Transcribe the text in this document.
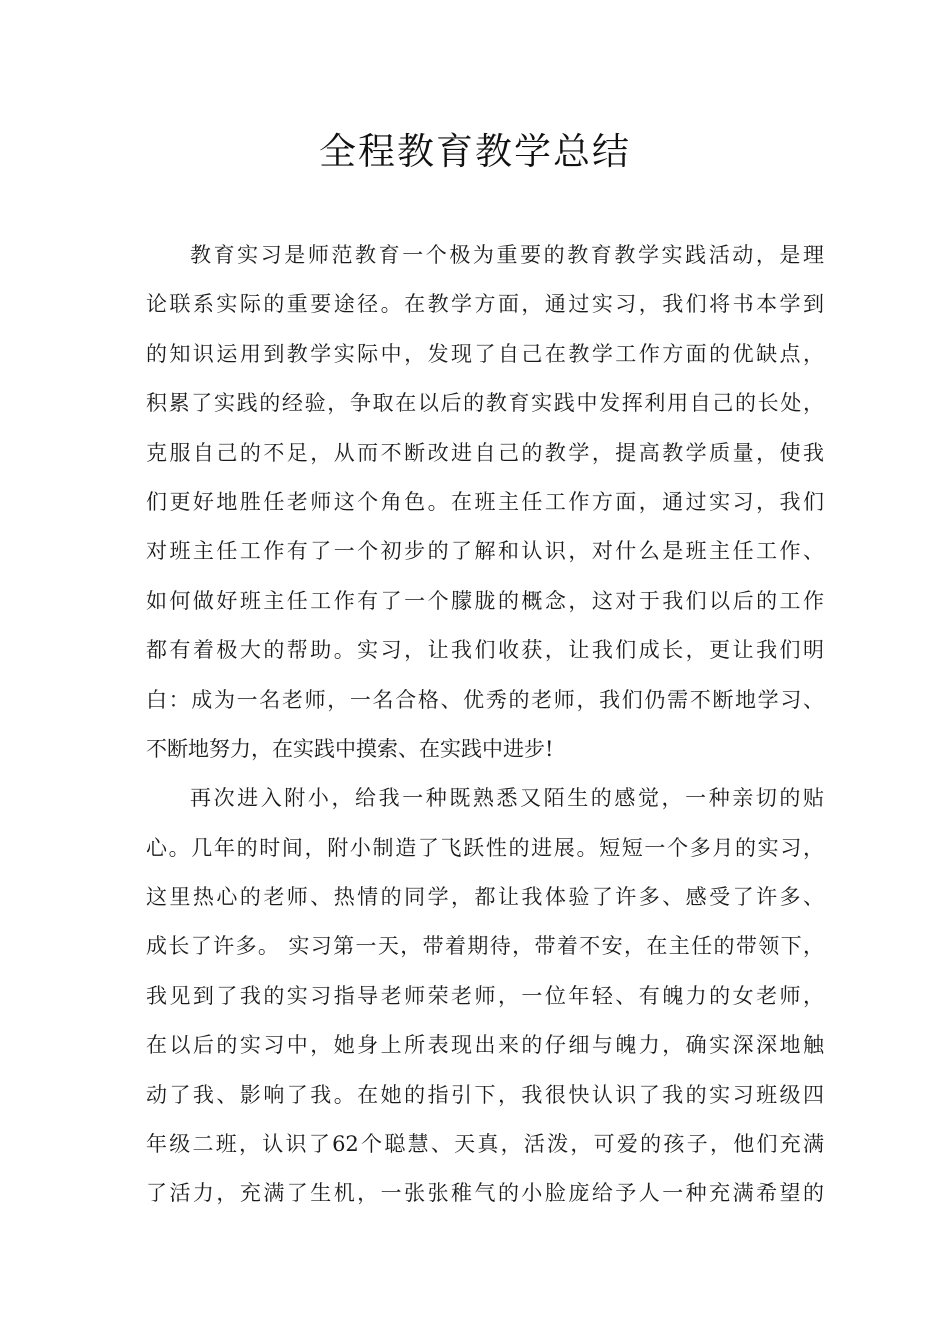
全程教育教学总结
教育实习是师范教育一个极为重要的教育教学实践活动，是理
论联系实际的重要途径。在教学方面，通过实习，我们将书本学到
的知识运用到教学实际中，发现了自己在教学工作方面的优缺点，
积累了实践的经验，争取在以后的教育实践中发挥利用自己的长处，
克服自己的不足，从而不断改进自己的教学，提高教学质量，使我
们更好地胜任老师这个角色。在班主任工作方面，通过实习，我们
对班主任工作有了一个初步的了解和认识，对什么是班主任工作、
如何做好班主任工作有了一个朦胧的概念，这对于我们以后的工作
都有着极大的帮助。实习，让我们收获，让我们成长，更让我们明
白：成为一名老师，一名合格、优秀的老师，我们仍需不断地学习、
不断地努力，在实践中摸索、在实践中进步!
再次进入附小，给我一种既熟悉又陌生的感觉，一种亲切的贴
心。几年的时间，附小制造了飞跃性的进展。短短一个多月的实习，
这里热心的老师、热情的同学，都让我体验了许多、感受了许多、
成长了许多。 实习第一天，带着期待，带着不安，在主任的带领下，
我见到了我的实习指导老师荣老师，一位年轻、有魄力的女老师，
在以后的实习中，她身上所表现出来的仔细与魄力，确实深深地触
动了我、影响了我。在她的指引下，我很快认识了我的实习班级四
年级二班，认识了62个聪慧、天真，活泼，可爱的孩子，他们充满
了活力，充满了生机，一张张稚气的小脸庞给予人一种充满希望的
